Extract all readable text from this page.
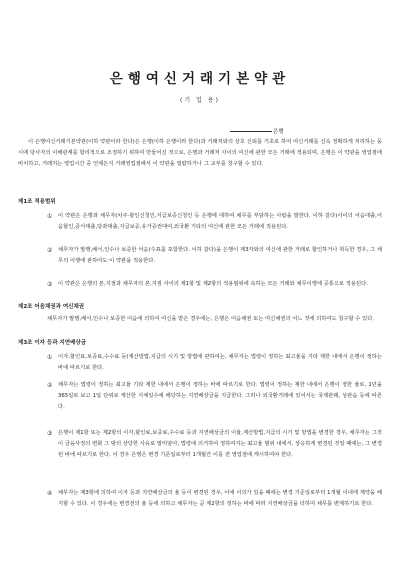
은행여신거래기본약관
(기 업 용)
은행
이 은행여신거래기본약관(이하 약관이라 한다)은 은행(이하 은행이라 한다)과 거래처와의 상호 신뢰를 기초로 하여 여신거래를 신속 정확하게 처리하는 동시에 당사자의 이해관계를 합리적으로 조정하기 위하여 만들어진 것으로, 은행과 거래처 사이의 여신에 관한 모든 거래에 적용되며, 은행은 이 약관을 영업점에 비치하고, 거래처는 영업시간 중 언제든지 거래영업점에서 이 약관을 열람하거나 그 교부를 청구할 수 있다.
제1조 적용범위
① 이 약관은 은행과 채무자(차주·할인신청인,지급보증신청인 등 은행에 대하여 채무를 부담하는 사람을 말한다. 이하 같다)사이의 어음대출,어음할인,증서대출,당좌대출,지급보증,유가증권대여,외국환 기타의 여신에 관한 모든 거래에 적용된다.
② 채무자가 발행,배서,인수나 보증한 어음(수표를 포함한다. 이하 같다)을 은행이 제3자와의 여신에 관한 거래로 할인하거나 취득한 경우, 그 채무의 이행에 관하여도 이 약관을 적용한다.
③ 이 약관은 은행의 본,지점과 채무자의 본,지점 사이의 제1항 및 제2항의 적용범위에 속하는 모든 거래와 채무이행에 공통으로 적용된다.
제2조 어음채권과 여신채권
채무자가 발행,배서,인수나 보증한 어음에 의하여 여신을 받은 경우에는, 은행은 어음채권 또는 여신채권의 어느 것에 의하여도 청구할 수 있다.
제3조 이자 등과 지연배상금
① 이자,할인료,보증료,수수료 등(계산방법,지급의 시기 및 방법에 관하여는, 채무자는 법령이 정하는 최고율을 기타 제한 내에서 은행이 정하는 바에 따르기로 한다.
② 채무자는 법령이 정하는 최고율 기타 제한 내에서 은행이 정하는 바에 따르기로 한다. 법령이 정하는 제한 내에서 은행이 정한 율로, 1년을 365일로 보고 1일 단위로 계산한 지체일수에 해당하는 지연배상금을 지급한다. 그러나 외국환거래에 있어서는 국제관례, 상관습 등에 따른다.
③ 은행이 제1항 또는 제2항의 이자,할인료,보증료,수수료 등과 지연배상금의 이율,계산방법,지급의 시기 및 방법을 변경한 경우, 채무자는 그것이 금융사정의 변화 그 밖의 상당한 사유로 말미암아, 법령에 의거하여 정하여지는 최고율 범위 내에서, 상응하게 변경된 것일 때에는, 그 변경된 바에 따르기로 한다. 이 경우 은행은 변경 기준일로부터 1개월간 이를 전 영업점에 게시하여야 한다.
④ 채무자는 제3항에 의하여 이자 등과 지연배상금의 율 등이 변경된 경우, 이에 이의가 있을 때에는 변경 기준일로부터 1개월 이내에 계약을 해지할 수 있다. 이 경우에는 변경전의 율 등에 의하고 채무자는 곧 제2항의 정하는 바에 따라 지연배상금을 더하여 채무를 변제하기로 한다.
